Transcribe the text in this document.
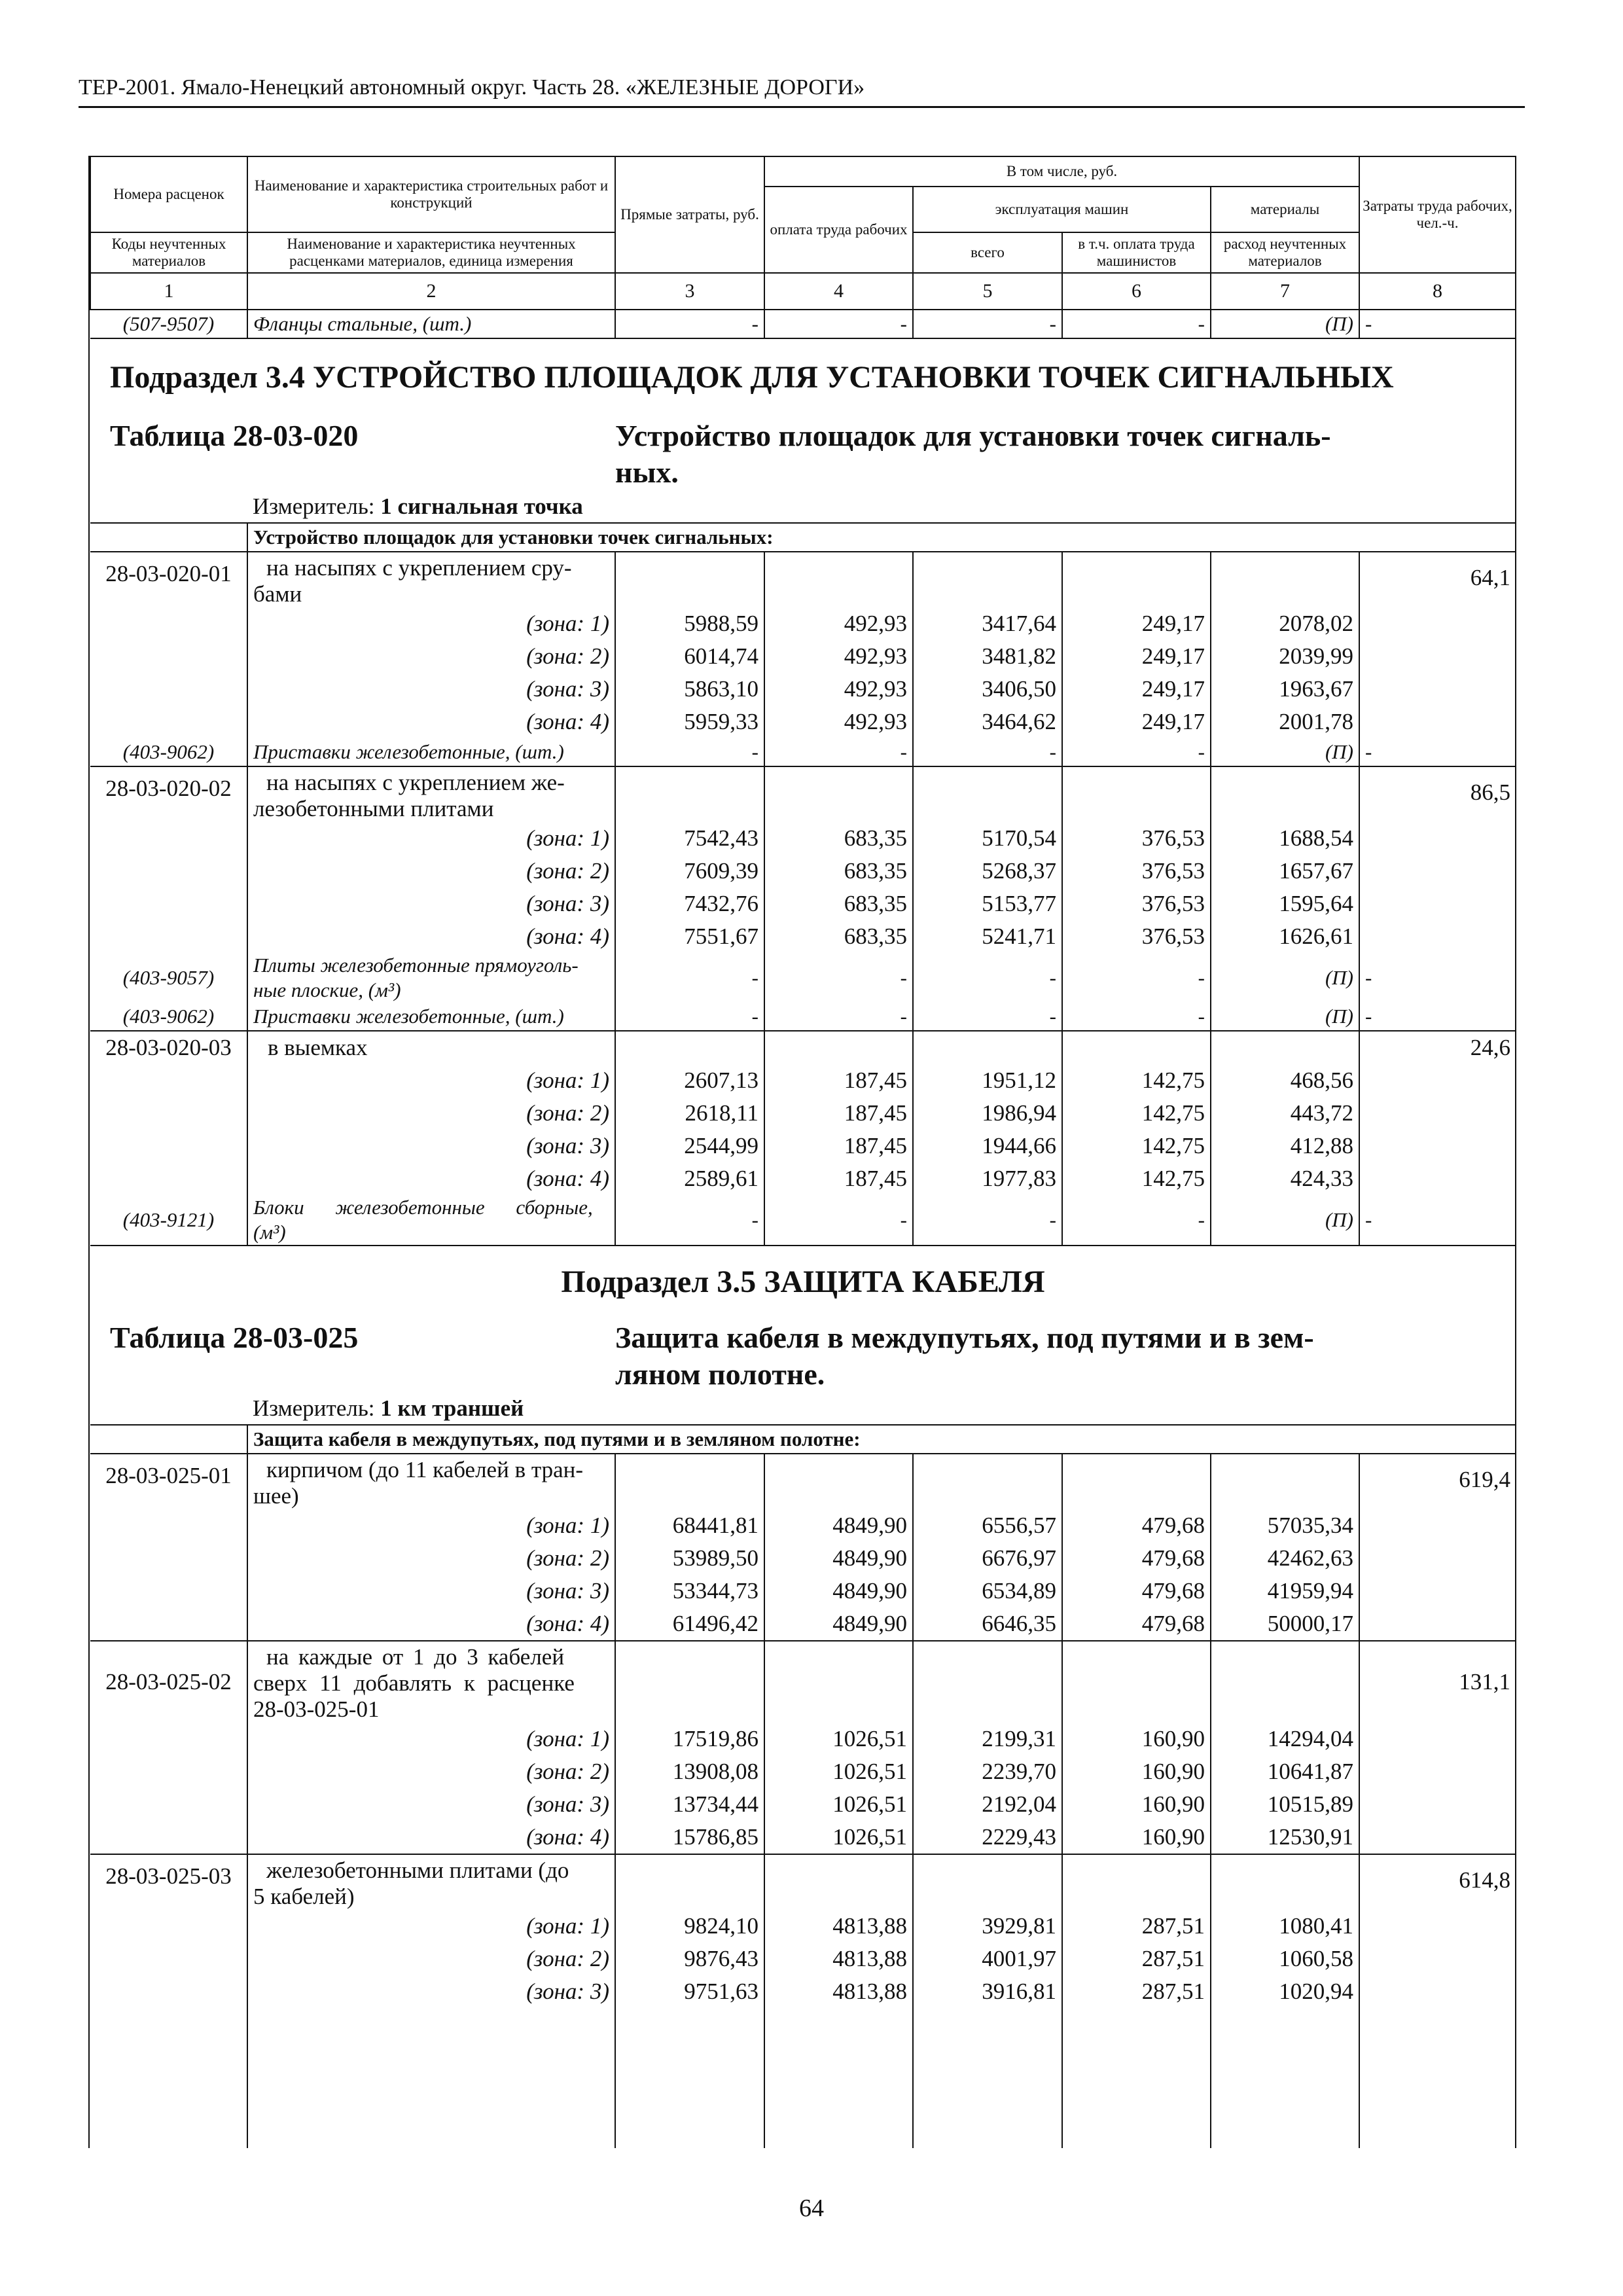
ТЕР-2001. Ямало-Ненецкий автономный округ. Часть 28. «ЖЕЛЕЗНЫЕ ДОРОГИ»
Номера расценок	Наименование и характеристика строительных работ и конструкций	Прямые затраты, руб.	В том числе, руб.				Затраты труда рабочих, чел.-ч.
			оплата труда рабочих	эксплуатация машин		материалы	
Коды неучтенных материалов	Наименование и характеристика неучтенных расценками материалов, единица измерения			всего	в т.ч. оплата труда машинистов	расход неучтенных материалов	

1	2	3	4	5	6	7	8
(507-9507)	Фланцы стальные, (шт.)	-	-	-	-	(П)	-
Подраздел 3.4 УСТРОЙСТВО ПЛОЩАДОК ДЛЯ УСТАНОВКИ ТОЧЕК СИГНАЛЬНЫХ							
Таблица 28-03-020		Устройство площадок для установки точек сигналь-
ных.					

	Измеритель: 1 сигнальная точка						
	Устройство площадок для установки точек сигнальных:						
28-03-020-01	на насыпях с укреплением сру-
бами						64,1
	(зона: 1)	5988,59	492,93	3417,64	249,17	2078,02	
	(зона: 2)	6014,74	492,93	3481,82	249,17	2039,99	
	(зона: 3)	5863,10	492,93	3406,50	249,17	1963,67	
	(зона: 4)	5959,33	492,93	3464,62	249,17	2001,78	
(403-9062)	Приставки железобетонные, (шт.)	-	-	-	-	(П)	-
28-03-020-02	на насыпях с укреплением же-
лезобетонными плитами						86,5
	(зона: 1)	7542,43	683,35	5170,54	376,53	1688,54	
	(зона: 2)	7609,39	683,35	5268,37	376,53	1657,67	
	(зона: 3)	7432,76	683,35	5153,77	376,53	1595,64	
	(зона: 4)	7551,67	683,35	5241,71	376,53	1626,61	
(403-9057)	Плиты железобетонные прямоуголь-
ные плоские, (м³)	-	-	-	-	(П)	-
(403-9062)	Приставки железобетонные, (шт.)	-	-	-	-	(П)	-
28-03-020-03	в выемках						24,6
	(зона: 1)	2607,13	187,45	1951,12	142,75	468,56	
	(зона: 2)	2618,11	187,45	1986,94	142,75	443,72	
	(зона: 3)	2544,99	187,45	1944,66	142,75	412,88	
	(зона: 4)	2589,61	187,45	1977,83	142,75	424,33	
(403-9121)	Блоки железобетонные сборные,
(м³)	-	-	-	-	(П)	-
Подраздел 3.5 ЗАЩИТА КАБЕЛЯ							
Таблица 28-03-025		Защита кабеля в междупутьях, под путями и в зем-
ляном полотне.					

	Измеритель: 1 км траншей						
	Защита кабеля в междупутьях, под путями и в земляном полотне:						
28-03-025-01	кирпичом (до 11 кабелей в тран-
шее)						619,4
	(зона: 1)	68441,81	4849,90	6556,57	479,68	57035,34	
	(зона: 2)	53989,50	4849,90	6676,97	479,68	42462,63	
	(зона: 3)	53344,73	4849,90	6534,89	479,68	41959,94	
	(зона: 4)	61496,42	4849,90	6646,35	479,68	50000,17	
28-03-025-02	на каждые от 1 до 3 кабелей
сверх 11 добавлять к расценке
28-03-025-01						131,1
	(зона: 1)	17519,86	1026,51	2199,31	160,90	14294,04	
	(зона: 2)	13908,08	1026,51	2239,70	160,90	10641,87	
	(зона: 3)	13734,44	1026,51	2192,04	160,90	10515,89	
	(зона: 4)	15786,85	1026,51	2229,43	160,90	12530,91	
28-03-025-03	железобетонными плитами (до
5 кабелей)						614,8
	(зона: 1)	9824,10	4813,88	3929,81	287,51	1080,41	
	(зона: 2)	9876,43	4813,88	4001,97	287,51	1060,58	
	(зона: 3)	9751,63	4813,88	3916,81	287,51	1020,94	

64
